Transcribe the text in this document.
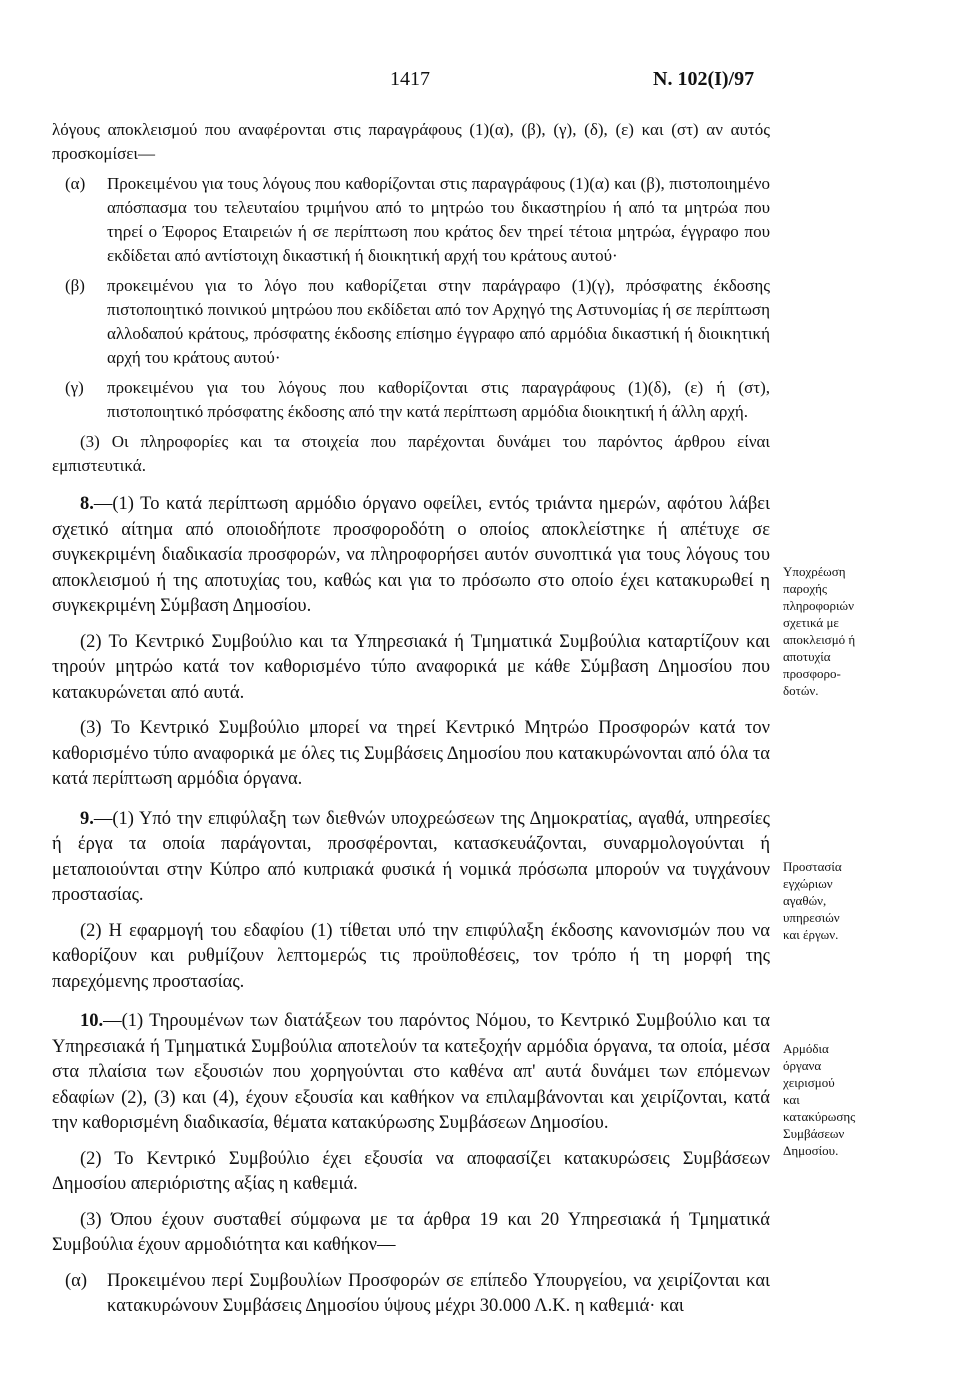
1417	Ν. 102(Ι)/97

λόγους αποκλεισμού που αναφέρονται στις παραγράφους (1)(α), (β), (γ), (δ), (ε) και (στ) αν αυτός προσκομίσει—

(α) Προκειμένου για τους λόγους που καθορίζονται στις παραγράφους (1)(α) και (β), πιστοποιημένο απόσπασμα του τελευταίου τριμήνου από το μητρώο του δικαστηρίου ή από τα μητρώα που τηρεί ο Έφορος Εταιρειών ή σε περίπτωση που κράτος δεν τηρεί τέτοια μητρώα, έγγραφο που εκδίδεται από αντίστοιχη δικαστική ή διοικητική αρχή του κράτους αυτού·

(β) προκειμένου για το λόγο που καθορίζεται στην παράγραφο (1)(γ), πρόσφατης έκδοσης πιστοποιητικό ποινικού μητρώου που εκδίδεται από τον Αρχηγό της Αστυνομίας ή σε περίπτωση αλλοδαπού κράτους, πρόσφατης έκδοσης επίσημο έγγραφο από αρμόδια δικαστική ή διοικητική αρχή του κράτους αυτού·

(γ) προκειμένου για του λόγους που καθορίζονται στις παραγράφους (1)(δ), (ε) ή (στ), πιστοποιητικό πρόσφατης έκδοσης από την κατά περίπτωση αρμόδια διοικητική ή άλλη αρχή.

(3) Οι πληροφορίες και τα στοιχεία που παρέχονται δυνάμει του παρόντος άρθρου είναι εμπιστευτικά.

8.—(1) Το κατά περίπτωση αρμόδιο όργανο οφείλει, εντός τριάντα ημερών, αφότου λάβει σχετικό αίτημα από οποιοδήποτε προσφοροδότη ο οποίος αποκλείστηκε ή απέτυχε σε συγκεκριμένη διαδικασία προσφορών, να πληροφορήσει αυτόν συνοπτικά για τους λόγους του αποκλεισμού ή της αποτυχίας του, καθώς και για το πρόσωπο στο οποίο έχει κατακυρωθεί η συγκεκριμένη Σύμβαση Δημοσίου.

(2) Το Κεντρικό Συμβούλιο και τα Υπηρεσιακά ή Τμηματικά Συμβούλια καταρτίζουν και τηρούν μητρώο κατά τον καθορισμένο τύπο αναφορικά με κάθε Σύμβαση Δημοσίου που κατακυρώνεται από αυτά.

(3) Το Κεντρικό Συμβούλιο μπορεί να τηρεί Κεντρικό Μητρώο Προσφορών κατά τον καθορισμένο τύπο αναφορικά με όλες τις Συμβάσεις Δημοσίου που κατακυρώνονται από όλα τα κατά περίπτωση αρμόδια όργανα.

9.—(1) Υπό την επιφύλαξη των διεθνών υποχρεώσεων της Δημοκρατίας, αγαθά, υπηρεσίες ή έργα τα οποία παράγονται, προσφέρονται, κατασκευάζονται, συναρμολογούνται ή μεταποιούνται στην Κύπρο από κυπριακά φυσικά ή νομικά πρόσωπα μπορούν να τυγχάνουν προστασίας.

(2) Η εφαρμογή του εδαφίου (1) τίθεται υπό την επιφύλαξη έκδοσης κανονισμών που να καθορίζουν και ρυθμίζουν λεπτομερώς τις προϋποθέσεις, τον τρόπο ή τη μορφή της παρεχόμενης προστασίας.

10.—(1) Τηρουμένων των διατάξεων του παρόντος Νόμου, το Κεντρικό Συμβούλιο και τα Υπηρεσιακά ή Τμηματικά Συμβούλια αποτελούν τα κατεξοχήν αρμόδια όργανα, τα οποία, μέσα στα πλαίσια των εξουσιών που χορηγούνται στο καθένα απ' αυτά δυνάμει των επόμενων εδαφίων (2), (3) και (4), έχουν εξουσία και καθήκον να επιλαμβάνονται και χειρίζονται, κατά την καθορισμένη διαδικασία, θέματα κατακύρωσης Συμβάσεων Δημοσίου.

(2) Το Κεντρικό Συμβούλιο έχει εξουσία να αποφασίζει κατακυρώσεις Συμβάσεων Δημοσίου απεριόριστης αξίας η καθεμιά.

(3) Όπου έχουν συσταθεί σύμφωνα με τα άρθρα 19 και 20 Υπηρεσιακά ή Τμηματικά Συμβούλια έχουν αρμοδιότητα και καθήκον—

(α) Προκειμένου περί Συμβουλίων Προσφορών σε επίπεδο Υπουργείου, να χειρίζονται και κατακυρώνουν Συμβάσεις Δημοσίου ύψους μέχρι 30.000 Λ.Κ. η καθεμιά· και

Υποχρέωση
παροχής
πληροφοριών
σχετικά με
αποκλεισμό ή
αποτυχία
προσφορο-
δοτών.
Προστασία
εγχώριων
αγαθών,
υπηρεσιών
και έργων.
Αρμόδια
όργανα
χειρισμού
και
κατακύρωσης
Συμβάσεων
Δημοσίου.
